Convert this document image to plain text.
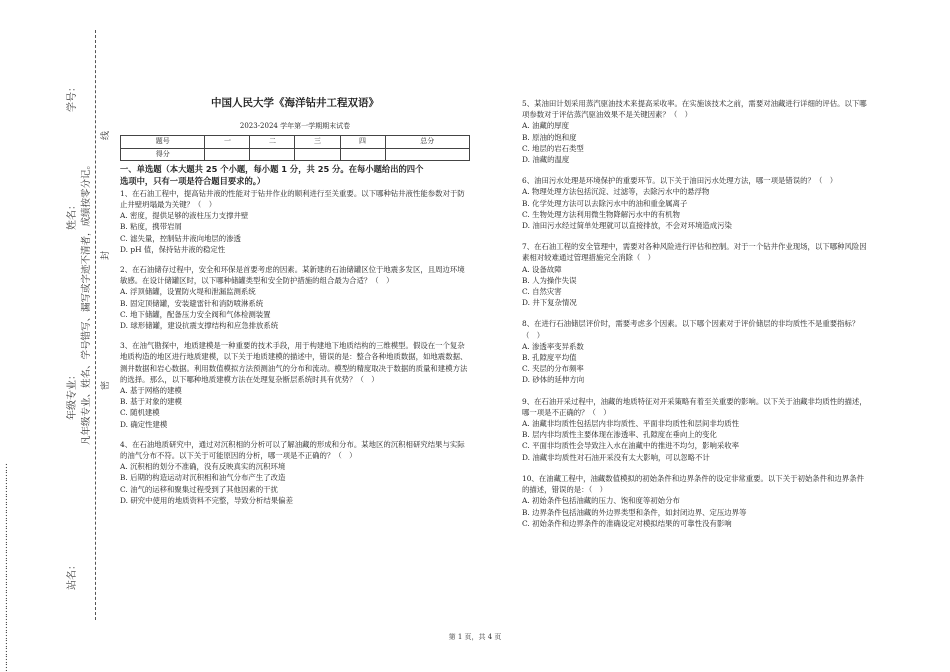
……………………………………………………………………
学号：
姓名：
年级专业：
站名：
凡年级专业、姓名、学号错写、漏写或字迹不清者，成绩按零分记。	密
封
线
中国人民大学《海洋钻井工程双语》
2023-2024 学年第一学期期末试卷
题号	一	二	三	四	总分
得分					
一、单选题（本大题共 25 个小题，每小题 1 分，共 25 分。在每小题给出的四个
选项中，只有一项是符合题目要求的。）

1、在石油工程中，提高钻井液的性能对于钻井作业的顺利进行至关重要。以下哪种钻井液性能参数对于防止井壁坍塌最为关键？（　）

A. 密度，提供足够的液柱压力支撑井壁

B. 粘度，携带岩屑

C. 滤失量，控制钻井液向地层的渗透

D. pH 值，保持钻井液的稳定性

2、在石油储存过程中，安全和环保是首要考虑的因素。某新建的石油储罐区位于地震多发区，且周边环境敏感。在设计储罐区时，以下哪种储罐类型和安全防护措施的组合最为合适？（　）

A. 浮顶储罐，设置防火堤和泄漏监测系统

B. 固定顶储罐，安装避雷针和消防喷淋系统

C. 地下储罐，配备压力安全阀和气体检测装置

D. 球形储罐，建设抗震支撑结构和应急排放系统

3、在油气勘探中，地质建模是一种重要的技术手段，用于构建地下地质结构的三维模型。假设在一个复杂地质构造的地区进行地质建模，以下关于地质建模的描述中，错误的是：整合各种地质数据，如地震数据、测井数据和岩心数据。利用数值模拟方法预测油气的分布和流动。模型的精度取决于数据的质量和建模方法的选择。那么，以下哪种地质建模方法在处理复杂断层系统时具有优势？（　）

A. 基于网格的建模

B. 基于对象的建模

C. 随机建模

D. 确定性建模

4、在石油地质研究中，通过对沉积相的分析可以了解油藏的形成和分布。某地区的沉积相研究结果与实际的油气分布不符。以下关于可能原因的分析，哪一项是不正确的？（　）

A. 沉积相的划分不准确，没有反映真实的沉积环境

B. 后期的构造运动对沉积相和油气分布产生了改造

C. 油气的运移和聚集过程受到了其他因素的干扰

D. 研究中使用的地质资料不完整，导致分析结果偏差

5、某油田计划采用蒸汽驱油技术来提高采收率。在实施该技术之前，需要对油藏进行详细的评估。以下哪项参数对于评估蒸汽驱油效果不是关键因素？（　）

A. 油藏的厚度

B. 原油的饱和度

C. 地层的岩石类型

D. 油藏的温度

6、油田污水处理是环境保护的重要环节。以下关于油田污水处理方法，哪一项是错误的？（　）

A. 物理处理方法包括沉淀、过滤等，去除污水中的悬浮物

B. 化学处理方法可以去除污水中的油和重金属离子

C. 生物处理方法利用微生物降解污水中的有机物

D. 油田污水经过简单处理就可以直接排放，不会对环境造成污染

7、在石油工程的安全管理中，需要对各种风险进行评估和控制。对于一个钻井作业现场，以下哪种风险因素相对较难通过管理措施完全消除（　）

A. 设备故障

B. 人为操作失误

C. 自然灾害

D. 井下复杂情况

8、在进行石油储层评价时，需要考虑多个因素。以下哪个因素对于评价储层的非均质性不是重要指标？（　）

A. 渗透率变异系数

B. 孔隙度平均值

C. 夹层的分布频率

D. 砂体的延伸方向

9、在石油开采过程中，油藏的地质特征对开采策略有着至关重要的影响。以下关于油藏非均质性的描述，哪一项是不正确的？（　）

A. 油藏非均质性包括层内非均质性、平面非均质性和层间非均质性

B. 层内非均质性主要体现在渗透率、孔隙度在垂向上的变化

C. 平面非均质性会导致注入水在油藏中的推进不均匀，影响采收率

D. 油藏非均质性对石油开采没有太大影响，可以忽略不计

10、在油藏工程中，油藏数值模拟的初始条件和边界条件的设定非常重要。以下关于初始条件和边界条件的描述，错误的是：（　）

A. 初始条件包括油藏的压力、饱和度等初始分布

B. 边界条件包括油藏的外边界类型和条件，如封闭边界、定压边界等

C. 初始条件和边界条件的准确设定对模拟结果的可靠性没有影响

第 1 页，共 4 页
